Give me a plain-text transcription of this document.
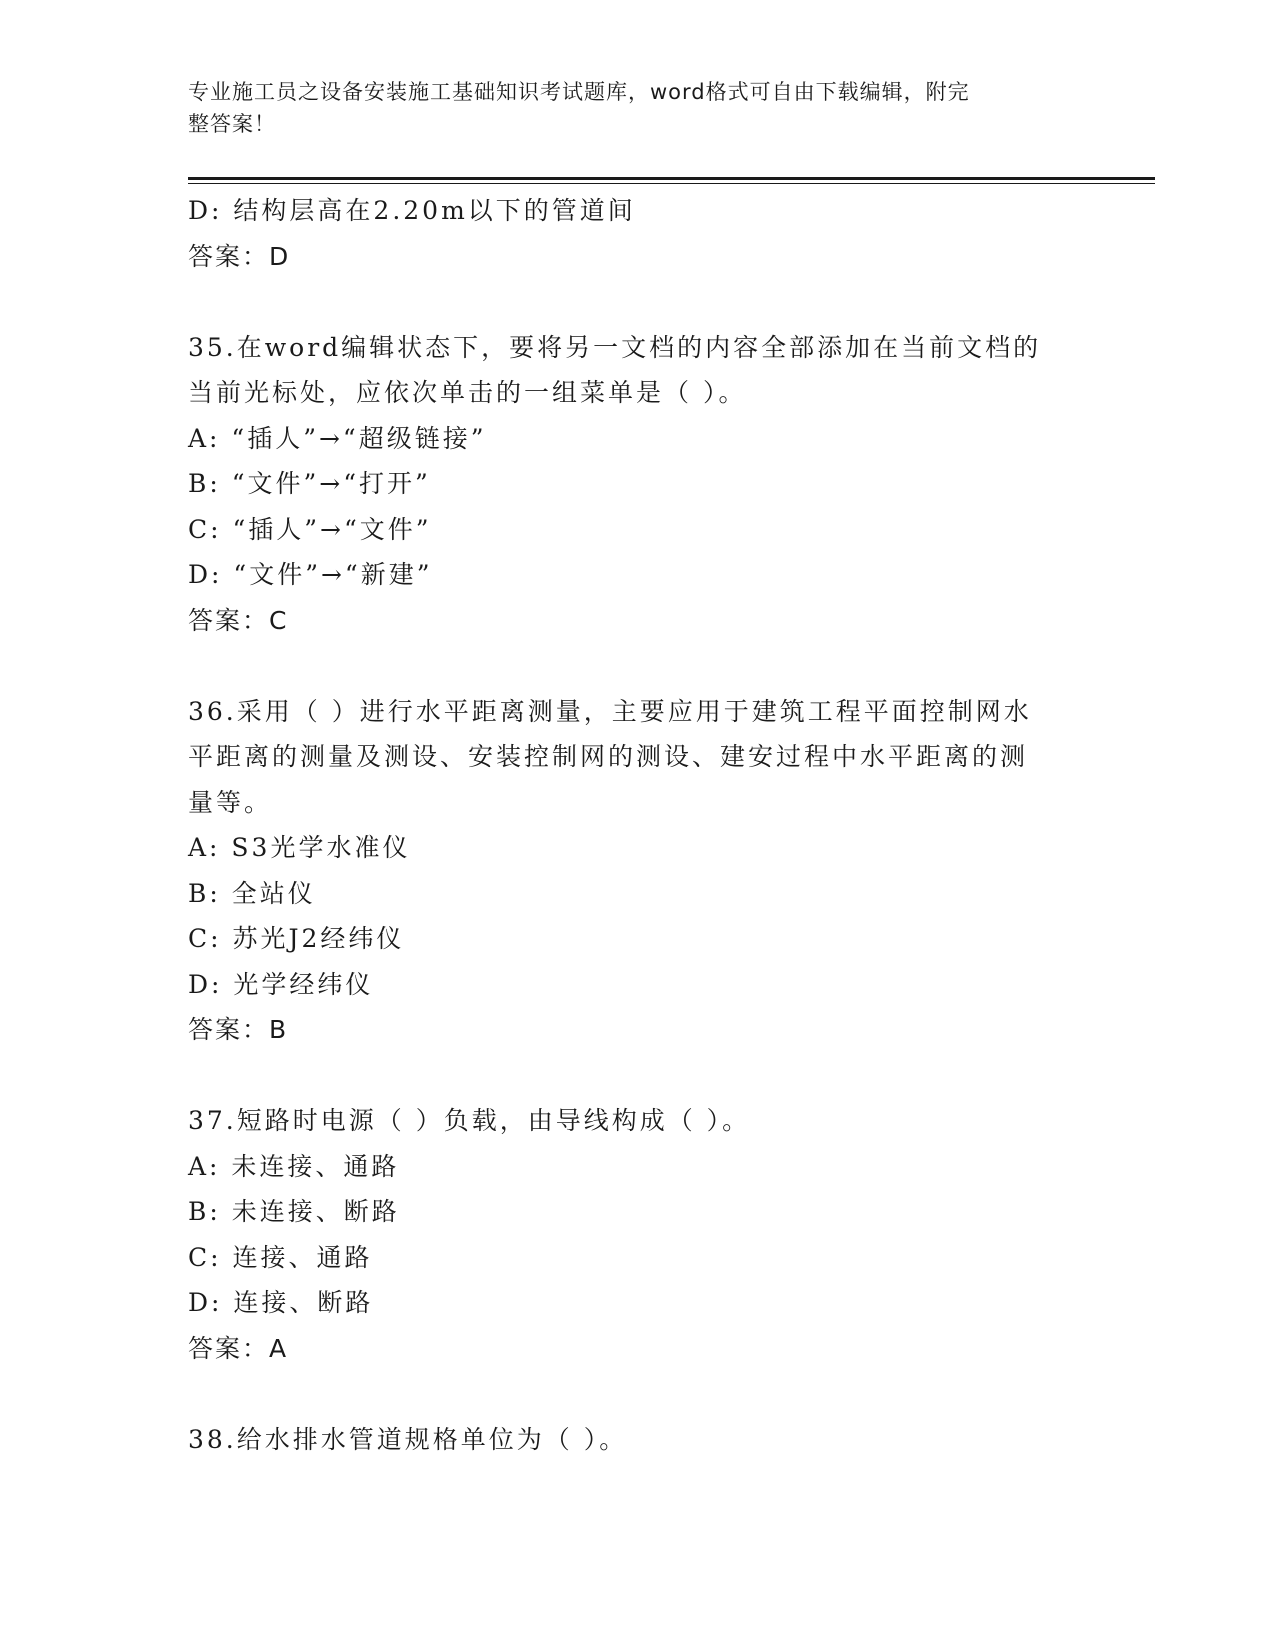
专业施工员之设备安装施工基础知识考试题库，word格式可自由下载编辑，附完
整答案！
D: 结构层高在2.20m以下的管道间
答案：D
35.在word编辑状态下，要将另一文档的内容全部添加在当前文档的
当前光标处，应依次单击的一组菜单是（ ）。
A: “插人”→“超级链接”
B: “文件”→“打开”
C: “插人”→“文件”
D: “文件”→“新建”
答案：C
36.采用（ ）进行水平距离测量，主要应用于建筑工程平面控制网水
平距离的测量及测设、安装控制网的测设、建安过程中水平距离的测
量等。
A: S3光学水准仪
B: 全站仪
C: 苏光J2经纬仪
D: 光学经纬仪
答案：B
37.短路时电源（ ）负载，由导线构成（ ）。
A: 未连接、通路
B: 未连接、断路
C: 连接、通路
D: 连接、断路
答案：A
38.给水排水管道规格单位为（ ）。
